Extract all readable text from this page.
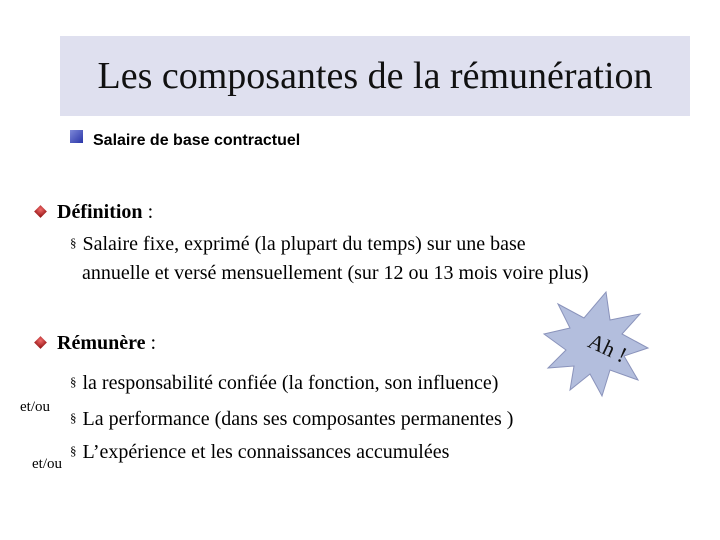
Les composantes de la rémunération
Salaire de base contractuel
Définition :
§ Salaire fixe, exprimé (la plupart du temps) sur une base
annuelle et versé mensuellement (sur 12 ou 13 mois voire plus)
Rémunère :	Ah !
§ la responsabilité confiée (la fonction, son influence)
et/ou
§ La performance (dans ses composantes permanentes )
et/ou
§ L’expérience et les connaissances accumulées
